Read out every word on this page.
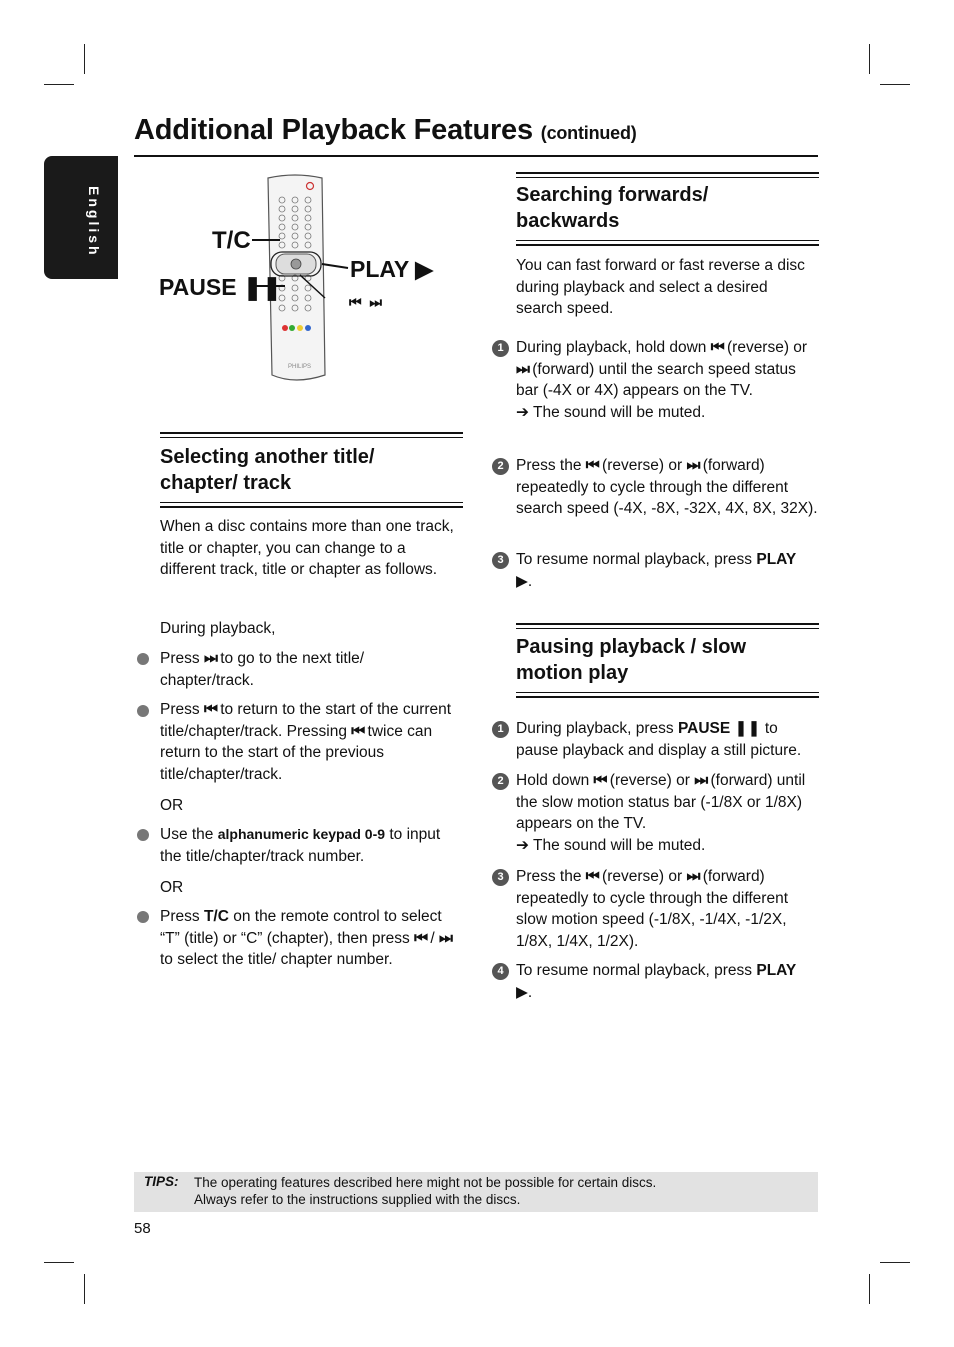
English
Additional Playback Features (continued)
PHILIPS
T/C
PAUSE ❚❚
PLAY ▶
⏮ ⏭
Selecting another title/
chapter/ track

When a disc contains more than one track, title or chapter, you can change to a different track, title or chapter as follows.

During playback,

Press ⏭ to go to the next title/ chapter/track.

Press ⏮ to return to the start of the current title/chapter/track. Pressing ⏮ twice can return to the start of the previous title/chapter/track.

OR

Use the alphanumeric keypad 0-9 to input the title/chapter/track number.

OR

Press T/C on the remote control to select “T” (title) or “C” (chapter), then press ⏮ / ⏭ to select the title/ chapter number.

Searching forwards/
backwards

You can fast forward or fast reverse a disc during playback and select a desired search speed.

1 During playback, hold down ⏮ (reverse) or ⏭ (forward) until the search speed status bar (-4X or 4X) appears on the TV.
➔ The sound will be muted.

2 Press the ⏮ (reverse) or ⏭ (forward) repeatedly to cycle through the different search speed (-4X, -8X, -32X, 4X, 8X, 32X).

3 To resume normal playback, press PLAY ▶.

Pausing playback / slow
motion play
1 During playback, press PAUSE ❚❚ to pause playback and display a still picture.

2 Hold down ⏮ (reverse) or ⏭ (forward) until the slow motion status bar (-1/8X or 1/8X) appears on the TV.
➔ The sound will be muted.

3 Press the ⏮ (reverse) or ⏭ (forward) repeatedly to cycle through the different slow motion speed (-1/8X, -1/4X, -1/2X, 1/8X, 1/4X, 1/2X).

4 To resume normal playback, press PLAY ▶.

TIPS: The operating features described here might not be possible for certain discs.
Always refer to the instructions supplied with the discs.
58
